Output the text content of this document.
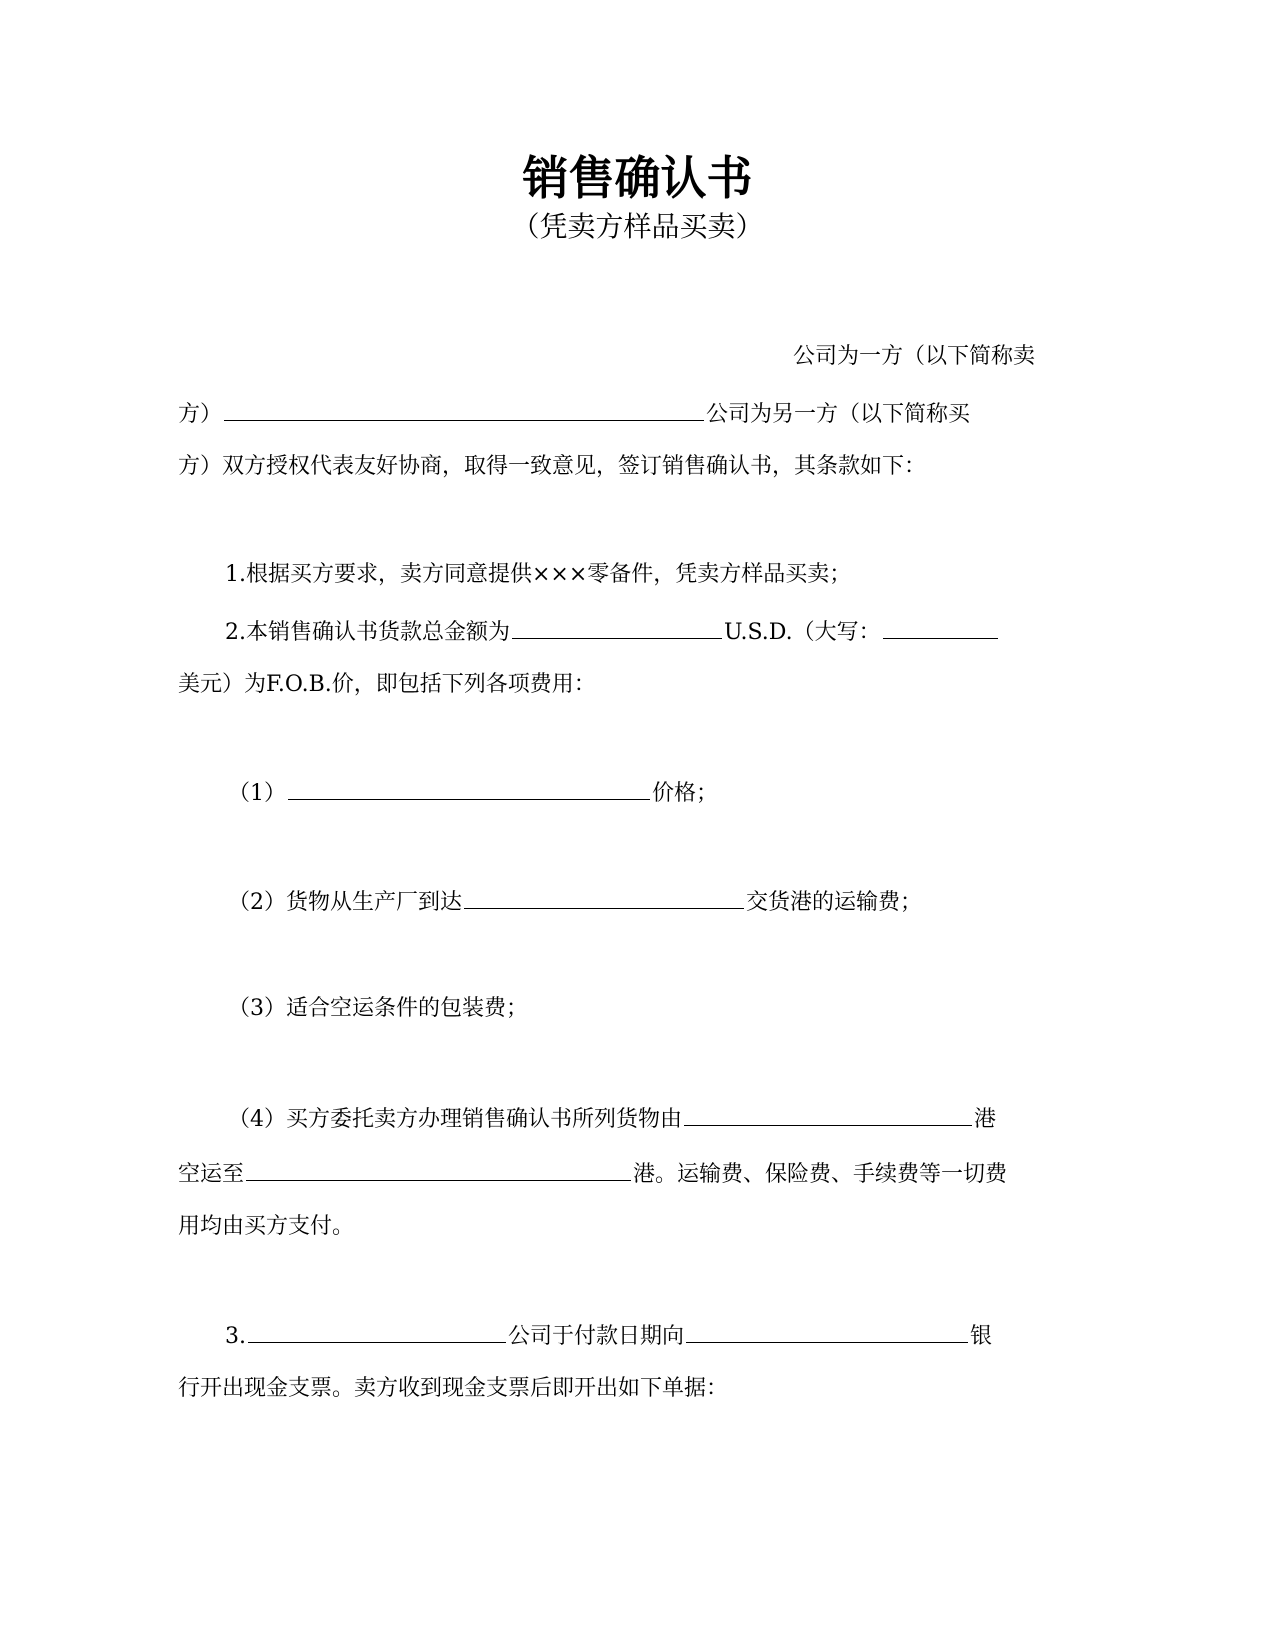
销售确认书
（凭卖方样品买卖）
公司为一方（以下简称卖
方）	公司为另一方（以下简称买
方）双方授权代表友好协商，取得一致意见，签订销售确认书，其条款如下：
1.根据买方要求，卖方同意提供×××零备件，凭卖方样品买卖；
2.本销售确认书货款总金额为	U.S.D.（大写：
美元）为F.O.B.价，即包括下列各项费用：
（1）	价格；
（2）货物从生产厂到达	交货港的运输费；
（3）适合空运条件的包装费；
（4）买方委托卖方办理销售确认书所列货物由	港
空运至	港。运输费、保险费、手续费等一切费
用均由买方支付。
3.	公司于付款日期向	银
行开出现金支票。卖方收到现金支票后即开出如下单据：
